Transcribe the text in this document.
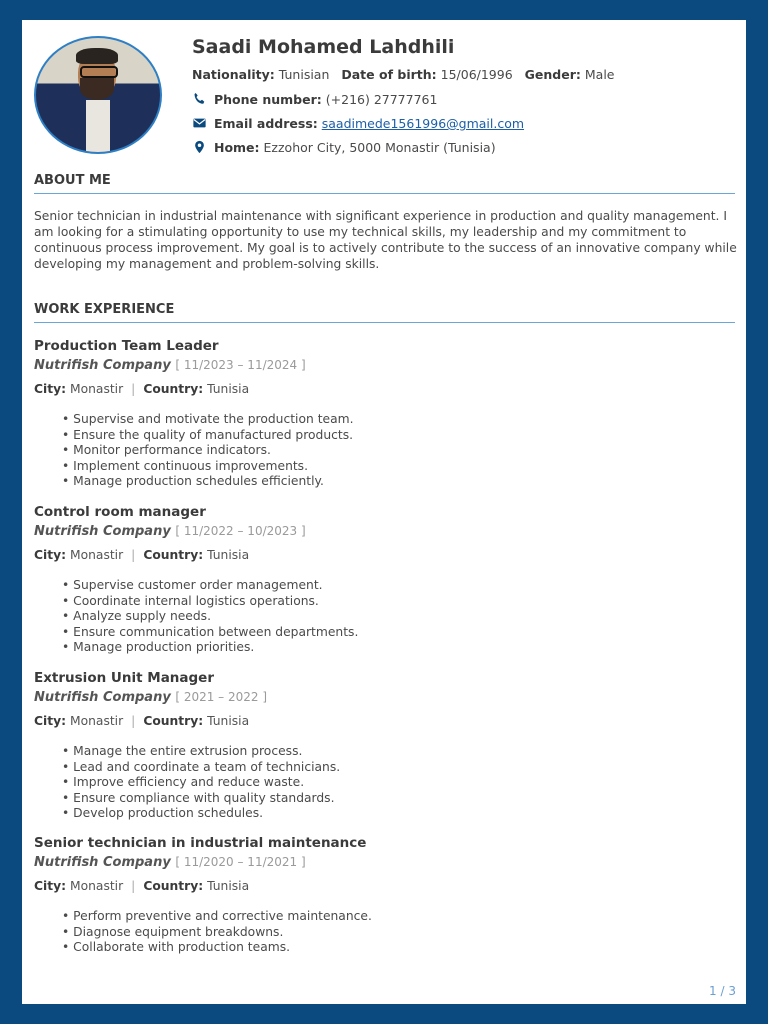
Saadi Mohamed Lahdhili
Nationality: Tunisian Date of birth: 15/06/1996 Gender: Male
Phone number: (+216) 27777761
Email address: saadimede1561996@gmail.com
Home: Ezzohor City, 5000 Monastir (Tunisia)
ABOUT ME
Senior technician in industrial maintenance with significant experience in production and quality management. I am looking for a stimulating opportunity to use my technical skills, my leadership and my commitment to continuous process improvement. My goal is to actively contribute to the success of an innovative company while developing my management and problem-solving skills.
WORK EXPERIENCE
Production Team Leader
Nutrifish Company [ 11/2023 – 11/2024 ]
City: Monastir | Country: Tunisia
• Supervise and motivate the production team.
• Ensure the quality of manufactured products.
• Monitor performance indicators.
• Implement continuous improvements.
• Manage production schedules efficiently.
Control room manager
Nutrifish Company [ 11/2022 – 10/2023 ]
City: Monastir | Country: Tunisia
• Supervise customer order management.
• Coordinate internal logistics operations.
• Analyze supply needs.
• Ensure communication between departments.
• Manage production priorities.
Extrusion Unit Manager
Nutrifish Company [ 2021 – 2022 ]
City: Monastir | Country: Tunisia
• Manage the entire extrusion process.
• Lead and coordinate a team of technicians.
• Improve efficiency and reduce waste.
• Ensure compliance with quality standards.
• Develop production schedules.
Senior technician in industrial maintenance
Nutrifish Company [ 11/2020 – 11/2021 ]
City: Monastir | Country: Tunisia
• Perform preventive and corrective maintenance.
• Diagnose equipment breakdowns.
• Collaborate with production teams.
1 / 3
